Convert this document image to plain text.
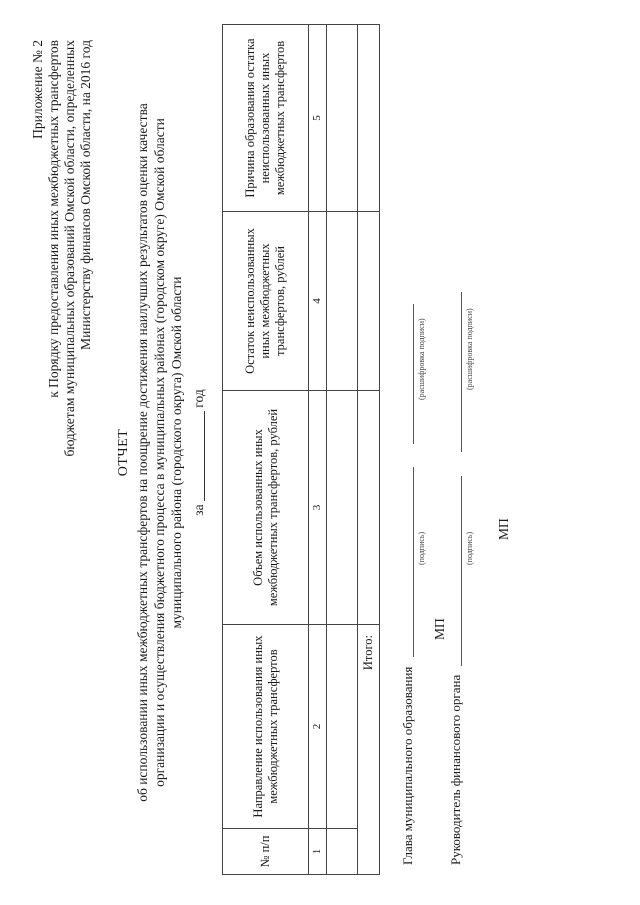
Приложение № 2 к Порядку предоставления иных межбюджетных трансфертов бюджетам муниципальных образований Омской области, определенных Министерству финансов Омской области, на 2016 год
ОТЧЕТ об использовании иных межбюджетных трансфертов на поощрение достижения наилучших результатов оценки качества организации и осуществления бюджетного процесса в муниципальных районах (городском округе) Омской области муниципального района (городского округа) Омской области за  год
№ п/п	Направление использования иных межбюджетных трансфертов	Объем использованных иных межбюджетных трансфертов, рублей	Остаток неиспользованных иных межбюджетных трансфертов, рублей	Причина образования остатка неиспользованных иных межбюджетных трансфертов
1	2	3	4	5

Итого:				
Глава муниципального образования
(подпись)
(расшифровка подписи)
МП
Руководитель финансового органа
(подпись)
(расшифровка подписи)
МП
